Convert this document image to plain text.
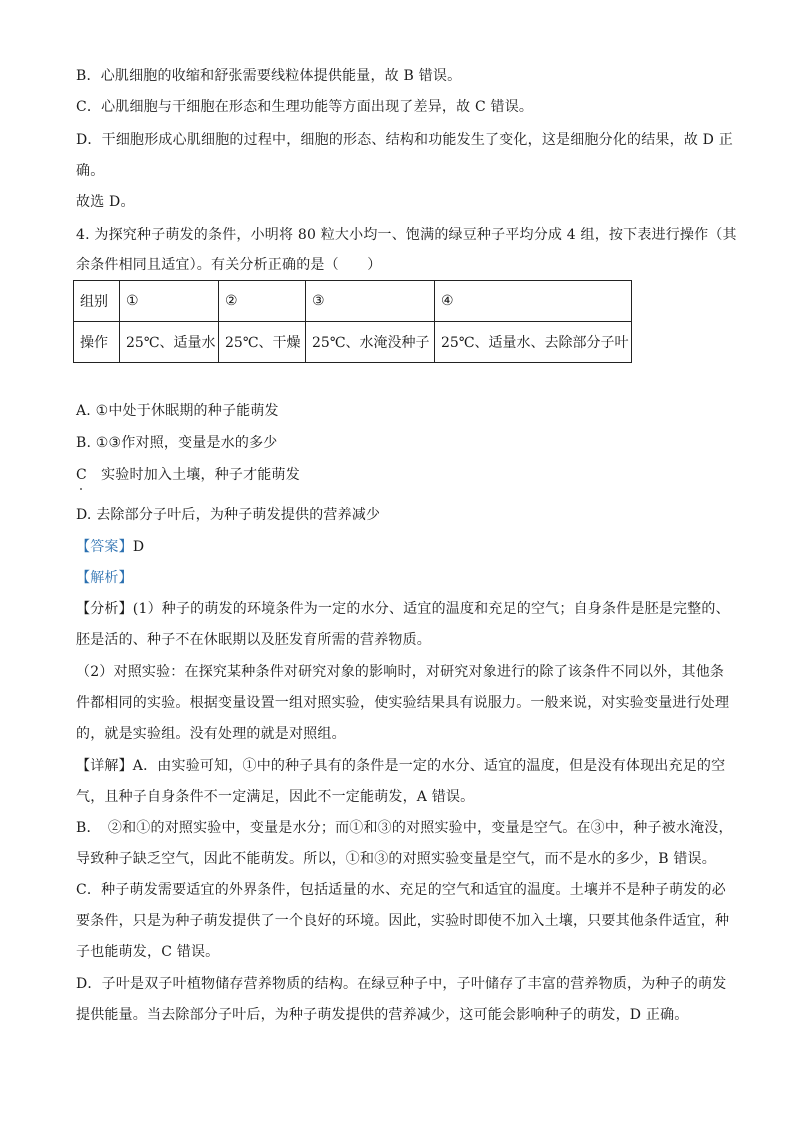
B．心肌细胞的收缩和舒张需要线粒体提供能量，故 B 错误。
C．心肌细胞与干细胞在形态和生理功能等方面出现了差异，故 C 错误。
D．干细胞形成心肌细胞的过程中，细胞的形态、结构和功能发生了变化，这是细胞分化的结果，故 D 正
确。
故选 D。
4. 为探究种子萌发的条件，小明将 80 粒大小均一、饱满的绿豆种子平均分成 4 组，按下表进行操作（其
余条件相同且适宜）。有关分析正确的是（　　）
组别	①	②	③	④
操作	25℃、适量水	25℃、干燥	25℃、水淹没种子	25℃、适量水、去除部分子叶
A. ①中处于休眠期的种子能萌发
B. ①③作对照，变量是水的多少
C　实验时加入土壤，种子才能萌发
D. 去除部分子叶后，为种子萌发提供的营养减少
【答案】D
【解析】
【分析】(1）种子的萌发的环境条件为一定的水分、适宜的温度和充足的空气；自身条件是胚是完整的、
胚是活的、种子不在休眠期以及胚发育所需的营养物质。
（2）对照实验：在探究某种条件对研究对象的影响时，对研究对象进行的除了该条件不同以外，其他条
件都相同的实验。根据变量设置一组对照实验，使实验结果具有说服力。一般来说，对实验变量进行处理
的，就是实验组。没有处理的就是对照组。
【详解】A．由实验可知，①中的种子具有的条件是一定的水分、适宜的温度，但是没有体现出充足的空
气，且种子自身条件不一定满足，因此不一定能萌发，A 错误。
B．　②和①的对照实验中，变量是水分；而①和③的对照实验中，变量是空气。在③中，种子被水淹没，
导致种子缺乏空气，因此不能萌发。所以，①和③的对照实验变量是空气，而不是水的多少，B 错误。
C．种子萌发需要适宜的外界条件，包括适量的水、充足的空气和适宜的温度。土壤并不是种子萌发的必
要条件，只是为种子萌发提供了一个良好的环境。因此，实验时即使不加入土壤，只要其他条件适宜，种
子也能萌发，C 错误。
D．子叶是双子叶植物储存营养物质的结构。在绿豆种子中，子叶储存了丰富的营养物质，为种子的萌发
提供能量。当去除部分子叶后，为种子萌发提供的营养减少，这可能会影响种子的萌发，D 正确。
